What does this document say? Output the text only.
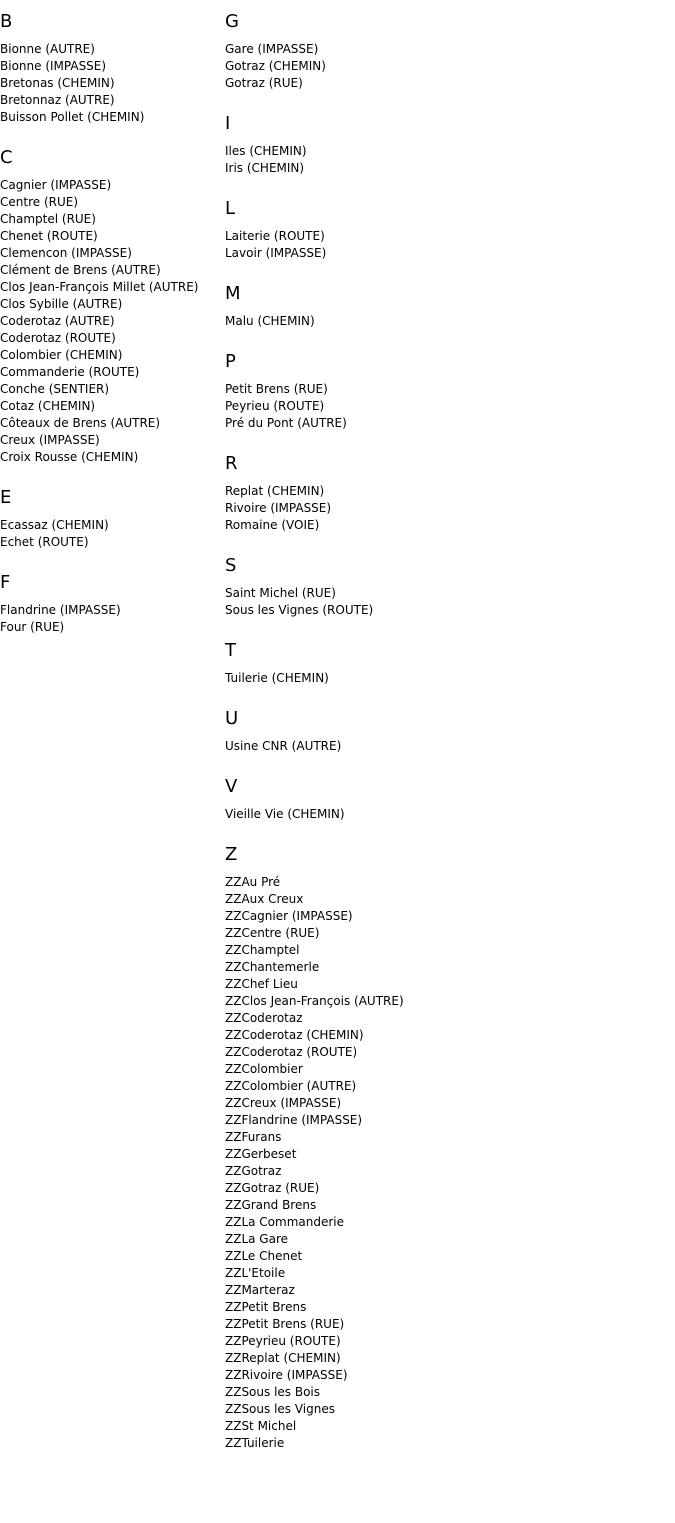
B
Bionne (AUTRE)
Bionne (IMPASSE)
Bretonas (CHEMIN)
Bretonnaz (AUTRE)
Buisson Pollet (CHEMIN)
C
Cagnier (IMPASSE)
Centre (RUE)
Champtel (RUE)
Chenet (ROUTE)
Clemencon (IMPASSE)
Clément de Brens (AUTRE)
Clos Jean-François Millet (AUTRE)
Clos Sybille (AUTRE)
Coderotaz (AUTRE)
Coderotaz (ROUTE)
Colombier (CHEMIN)
Commanderie (ROUTE)
Conche (SENTIER)
Cotaz (CHEMIN)
Côteaux de Brens (AUTRE)
Creux (IMPASSE)
Croix Rousse (CHEMIN)
E
Ecassaz (CHEMIN)
Echet (ROUTE)
F
Flandrine (IMPASSE)
Four (RUE)
G
Gare (IMPASSE)
Gotraz (CHEMIN)
Gotraz (RUE)
I
Iles (CHEMIN)
Iris (CHEMIN)
L
Laiterie (ROUTE)
Lavoir (IMPASSE)
M
Malu (CHEMIN)
P
Petit Brens (RUE)
Peyrieu (ROUTE)
Pré du Pont (AUTRE)
R
Replat (CHEMIN)
Rivoire (IMPASSE)
Romaine (VOIE)
S
Saint Michel (RUE)
Sous les Vignes (ROUTE)
T
Tuilerie (CHEMIN)
U
Usine CNR (AUTRE)
V
Vieille Vie (CHEMIN)
Z
ZZAu Pré
ZZAux Creux
ZZCagnier (IMPASSE)
ZZCentre (RUE)
ZZChamptel
ZZChantemerle
ZZChef Lieu
ZZClos Jean-François (AUTRE)
ZZCoderotaz
ZZCoderotaz (CHEMIN)
ZZCoderotaz (ROUTE)
ZZColombier
ZZColombier (AUTRE)
ZZCreux (IMPASSE)
ZZFlandrine (IMPASSE)
ZZFurans
ZZGerbeset
ZZGotraz
ZZGotraz (RUE)
ZZGrand Brens
ZZLa Commanderie
ZZLa Gare
ZZLe Chenet
ZZL'Etoile
ZZMarteraz
ZZPetit Brens
ZZPetit Brens (RUE)
ZZPeyrieu (ROUTE)
ZZReplat (CHEMIN)
ZZRivoire (IMPASSE)
ZZSous les Bois
ZZSous les Vignes
ZZSt Michel
ZZTuilerie
